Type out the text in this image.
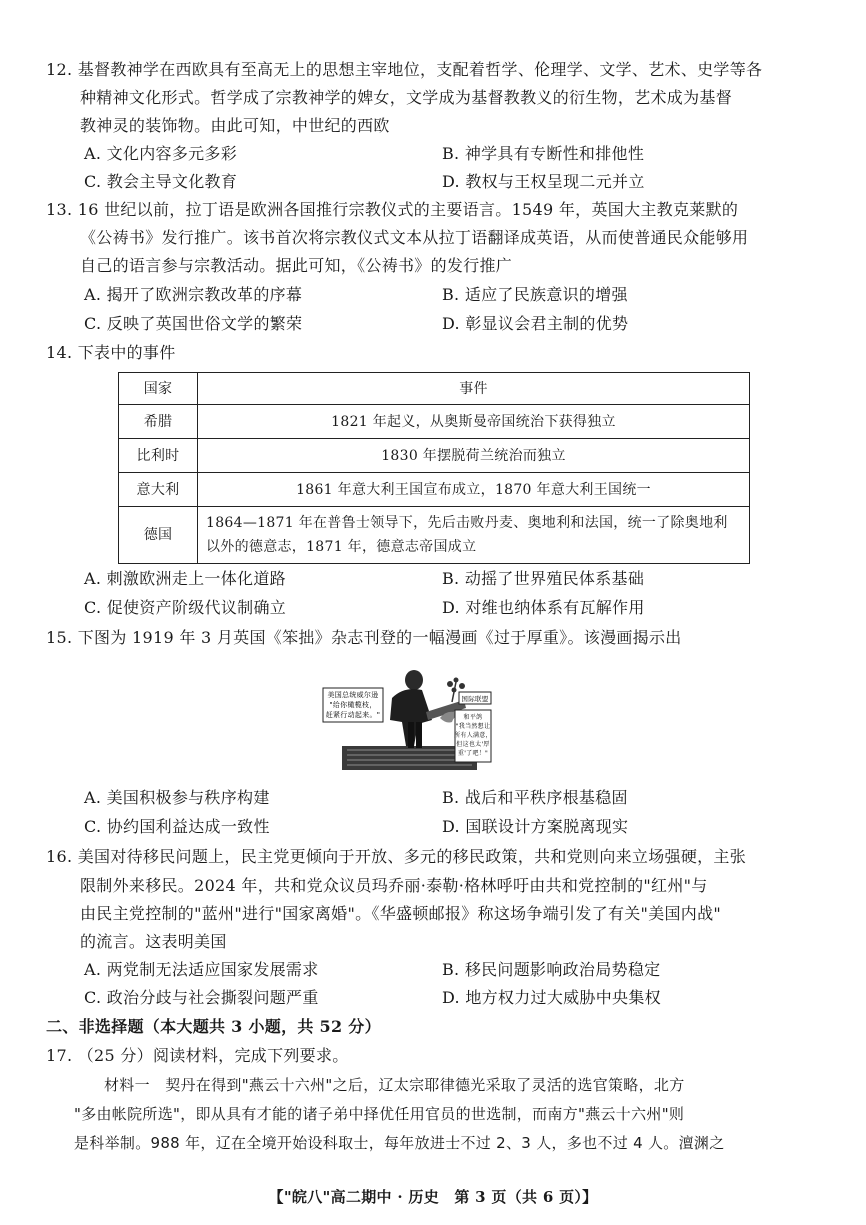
12. 基督教神学在西欧具有至高无上的思想主宰地位，支配着哲学、伦理学、文学、艺术、史学等各
种精神文化形式。哲学成了宗教神学的婢女，文学成为基督教教义的衍生物，艺术成为基督
教神灵的装饰物。由此可知，中世纪的西欧
A. 文化内容多元多彩	B. 神学具有专断性和排他性
C. 教会主导文化教育	D. 教权与王权呈现二元并立
13. 16 世纪以前，拉丁语是欧洲各国推行宗教仪式的主要语言。1549 年，英国大主教克莱默的
《公祷书》发行推广。该书首次将宗教仪式文本从拉丁语翻译成英语，从而使普通民众能够用
自己的语言参与宗教活动。据此可知，《公祷书》的发行推广
A. 揭开了欧洲宗教改革的序幕	B. 适应了民族意识的增强
C. 反映了英国世俗文学的繁荣	D. 彰显议会君主制的优势
14. 下表中的事件
国家	事件
希腊	1821 年起义，从奥斯曼帝国统治下获得独立
比利时	1830 年摆脱荷兰统治而独立
意大利	1861 年意大利王国宣布成立，1870 年意大利王国统一
德国	1864—1871 年在普鲁士领导下，先后击败丹麦、奥地利和法国，统一了除奥地利
以外的德意志，1871 年，德意志帝国成立
A. 刺激欧洲走上一体化道路	B. 动摇了世界殖民体系基础
C. 促使资产阶级代议制确立	D. 对维也纳体系有瓦解作用
15. 下图为 1919 年 3 月英国《笨拙》杂志刊登的一幅漫画《过于厚重》。该漫画揭示出
美国总统威尔逊
"给你橄榄枝，
赶紧行动起来。"
国际联盟
和平鸽
"我当然想让
所有人满意，
但这也太'厚
重'了吧！"
A. 美国积极参与秩序构建	B. 战后和平秩序根基稳固
C. 协约国利益达成一致性	D. 国联设计方案脱离现实
16. 美国对待移民问题上，民主党更倾向于开放、多元的移民政策，共和党则向来立场强硬，主张
限制外来移民。2024 年，共和党众议员玛乔丽·泰勒·格林呼吁由共和党控制的"红州"与
由民主党控制的"蓝州"进行"国家离婚"。《华盛顿邮报》称这场争端引发了有关"美国内战"
的流言。这表明美国
A. 两党制无法适应国家发展需求	B. 移民问题影响政治局势稳定
C. 政治分歧与社会撕裂问题严重	D. 地方权力过大威胁中央集权
二、非选择题（本大题共 3 小题，共 52 分）
17. （25 分）阅读材料，完成下列要求。
材料一　契丹在得到"燕云十六州"之后，辽太宗耶律德光采取了灵活的选官策略，北方
"多由帐院所选"，即从具有才能的诸子弟中择优任用官员的世选制，而南方"燕云十六州"则
是科举制。988 年，辽在全境开始设科取士，每年放进士不过 2、3 人，多也不过 4 人。澶渊之
【"皖八"高二期中 · 历史　第 3 页（共 6 页）】
